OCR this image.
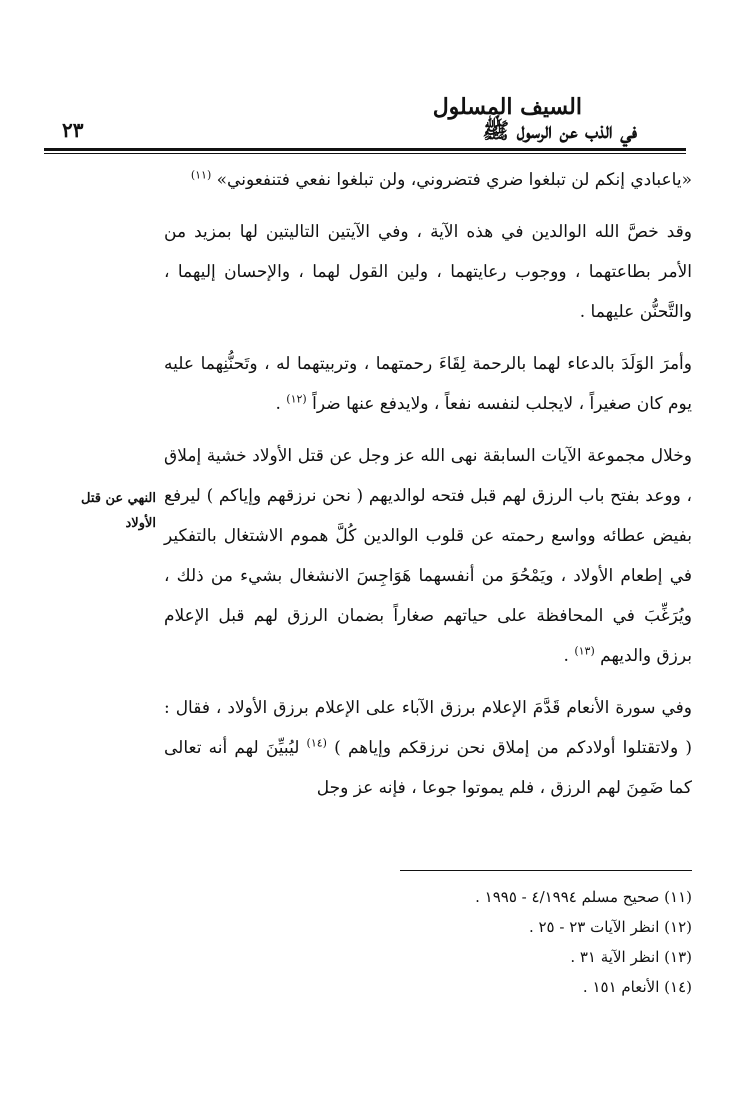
السيف المسلول
في الذب عن الرسول ﷺ
٢٣

«ياعبادي إنكم لن تبلغوا ضري فتضروني، ولن تبلغوا نفعي فتنفعوني» $^{(١١)}$

وقد خصَّ الله الوالدين في هذه الآية ، وفي الآيتين التاليتين لها بمزيد من الأمر بطاعتهما ، ووجوب رعايتهما ، ولين القول لهما ، والإحسان إليهما ، والتَّحنُّن عليهما .

وأمرَ الوَلَدَ بالدعاء لهما بالرحمة لِقَاءَ رحمتهما ، وتربيتهما له ، وتَحنُّنِهما عليه يوم كان صغيراً ، لايجلب لنفسه نفعاً ، ولايدفع عنها ضراً $^{(١٢)}$ .

وخلال مجموعة الآيات السابقة نهى الله عز وجل عن قتل الأولاد خشية إملاق ، ووعد بفتح باب الرزق لهم قبل فتحه لوالديهم ( نحن نرزقهم وإياكم ) ليرفع بفيض عطائه وواسع رحمته عن قلوب الوالدين كُلَّ هموم الاشتغال بالتفكير في إطعام الأولاد ، ويَمْحُوَ من أنفسهما هَوَاجِسَ الانشغال بشيء من ذلك ، ويُرَغِّبَ في المحافظة على حياتهم صغاراً بضمان الرزق لهم قبل الإعلام برزق والديهم $^{(١٣)}$ .

وفي سورة الأنعام قَدَّمَ الإعلام برزق الآباء على الإعلام برزق الأولاد ، فقال : ( ولاتقتلوا أولادكم من إملاق نحن نرزقكم وإياهم ) $^{(١٤)}$ ليُبيِّنَ لهم أنه تعالى كما ضَمِنَ لهم الرزق ، فلم يموتوا جوعا ، فإنه عز وجل

النهي عن قتل
الأولاد
(١١) صحيح مسلم ٤/١٩٩٤ - ١٩٩٥ .
(١٢) انظر الآيات ٢٣ - ٢٥ .
(١٣) انظر الآية ٣١ .
(١٤) الأنعام ١٥١ .
